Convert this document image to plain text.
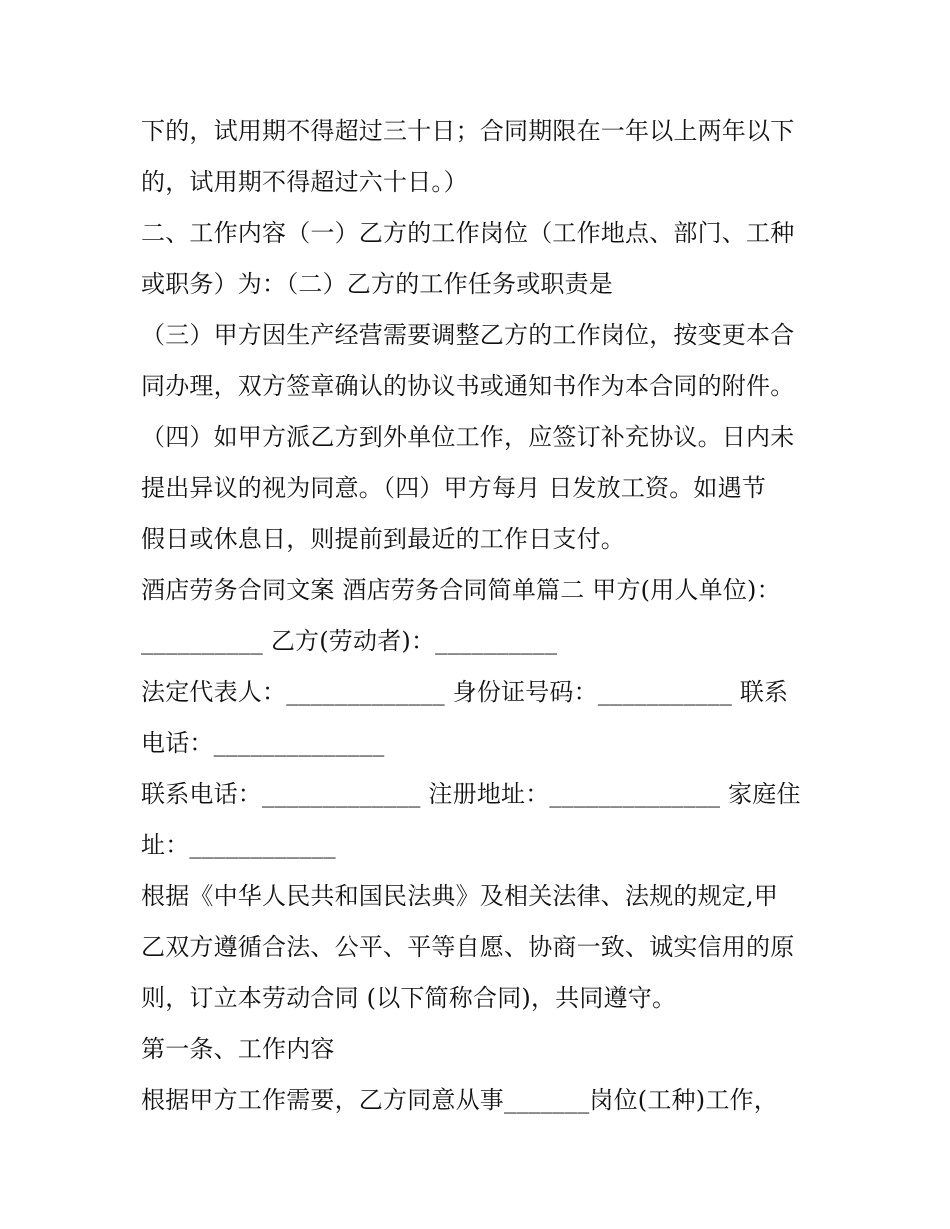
下的，试用期不得超过三十日；合同期限在一年以上两年以下
的，试用期不得超过六十日。）
二、工作内容（一）乙方的工作岗位（工作地点、部门、工种
或职务）为：（二）乙方的工作任务或职责是
（三）甲方因生产经营需要调整乙方的工作岗位，按变更本合
同办理，双方签章确认的协议书或通知书作为本合同的附件。
（四）如甲方派乙方到外单位工作，应签订补充协议。日内未
提出异议的视为同意。（四）甲方每月 日发放工资。如遇节
假日或休息日，则提前到最近的工作日支付。
酒店劳务合同文案 酒店劳务合同简单篇二 甲方(用人单位)：
__________ 乙方(劳动者)：__________
法定代表人：_____________ 身份证号码：___________ 联系
电话：______________
联系电话：_____________ 注册地址：______________ 家庭住
址：____________
根据《中华人民共和国民法典》及相关法律、法规的规定,甲
乙双方遵循合法、公平、平等自愿、协商一致、诚实信用的原
则，订立本劳动合同 (以下简称合同)，共同遵守。
第一条、工作内容
根据甲方工作需要，乙方同意从事_______岗位(工种)工作，
